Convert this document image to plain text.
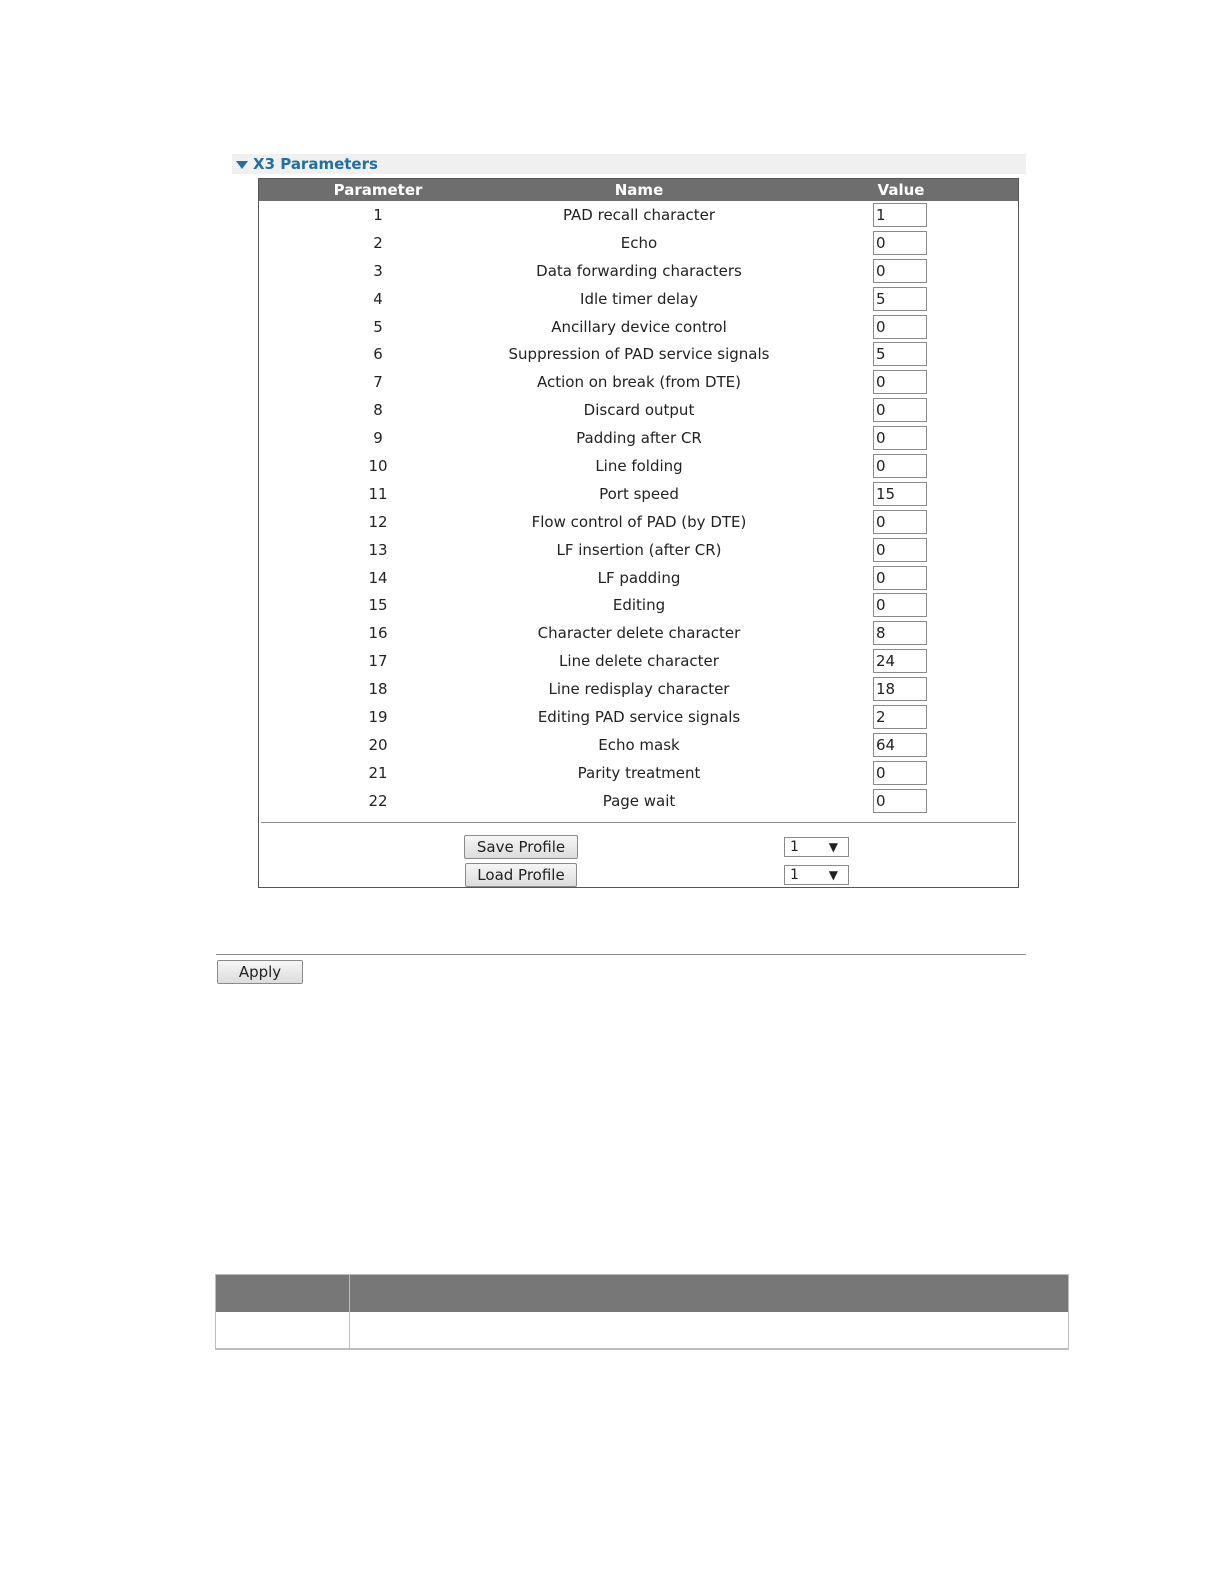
X3 Parameters
Parameter	Name	Value
1	PAD recall character	1
2	Echo	0
3	Data forwarding characters	0
4	Idle timer delay	5
5	Ancillary device control	0
6	Suppression of PAD service signals	5
7	Action on break (from DTE)	0
8	Discard output	0
9	Padding after CR	0
10	Line folding	0
11	Port speed	15
12	Flow control of PAD (by DTE)	0
13	LF insertion (after CR)	0
14	LF padding	0
15	Editing	0
16	Character delete character	8
17	Line delete character	24
18	Line redisplay character	18
19	Editing PAD service signals	2
20	Echo mask	64
21	Parity treatment	0
22	Page wait	0
Save Profile	1 ▼
Load Profile	1 ▼
Apply
